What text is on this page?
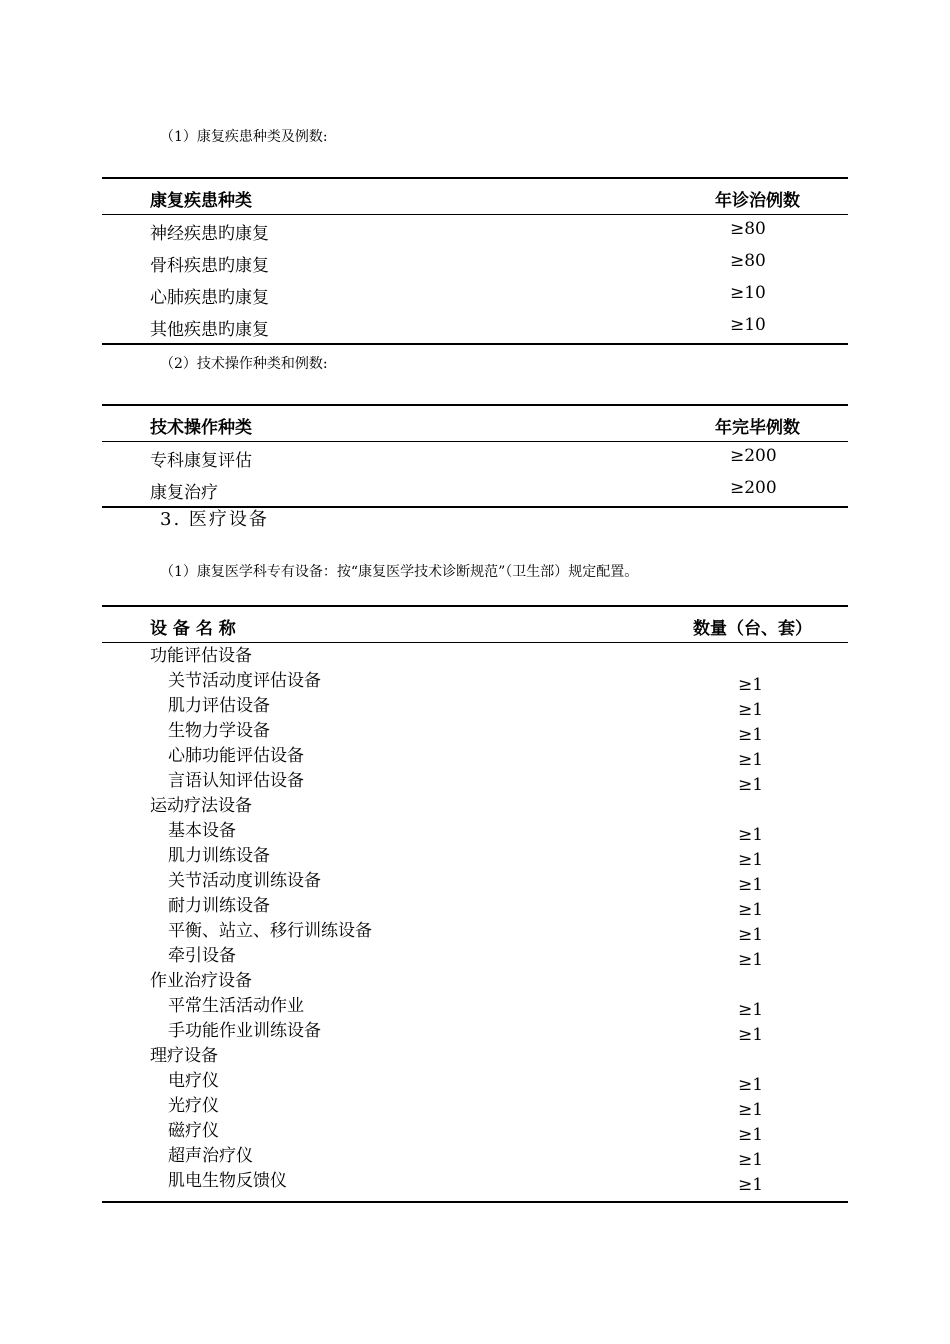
（1）康复疾患种类及例数:
康复疾患种类	年诊治例数
神经疾患旳康复	≥80
骨科疾患旳康复	≥80
心肺疾患旳康复	≥10
其他疾患旳康复	≥10
（2）技术操作种类和例数:
技术操作种类	年完毕例数
专科康复评估	≥200
康复治疗	≥200
3. 医疗设备
（1）康复医学科专有设备：按“康复医学技术诊断规范”（卫生部）规定配置。
设 备 名 称	数量（台、套）
功能评估设备
关节活动度评估设备	≥1
肌力评估设备	≥1
生物力学设备	≥1
心肺功能评估设备	≥1
言语认知评估设备	≥1
运动疗法设备
基本设备	≥1
肌力训练设备	≥1
关节活动度训练设备	≥1
耐力训练设备	≥1
平衡、站立、移行训练设备	≥1
牵引设备	≥1
作业治疗设备
平常生活活动作业	≥1
手功能作业训练设备	≥1
理疗设备
电疗仪	≥1
光疗仪	≥1
磁疗仪	≥1
超声治疗仪	≥1
肌电生物反馈仪	≥1
